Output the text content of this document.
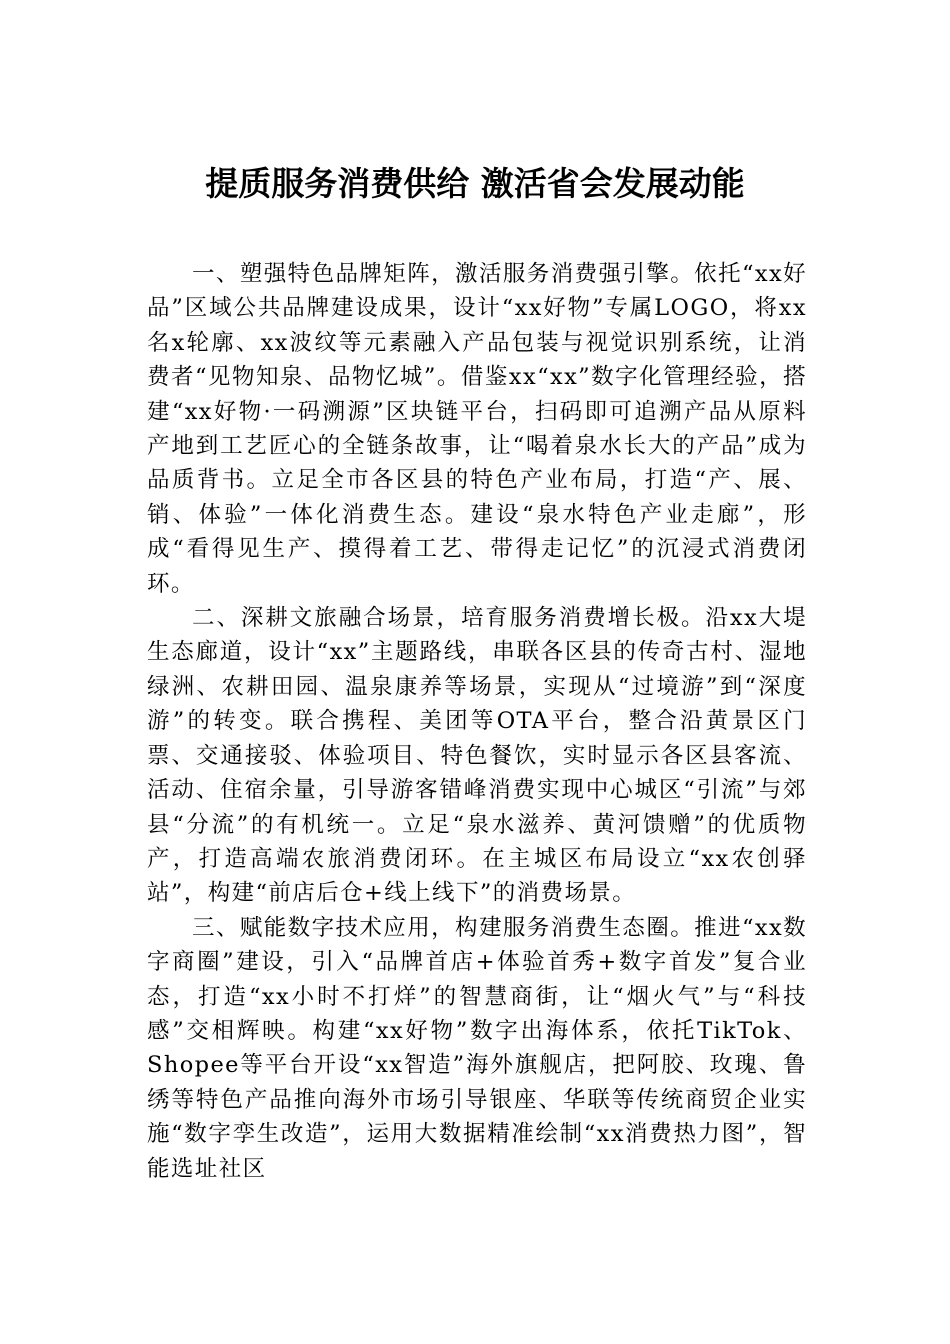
提质服务消费供给 激活省会发展动能

一、塑强特色品牌矩阵，激活服务消费强引擎。依托“xx好品”区域公共品牌建设成果，设计“xx好物”专属LOGO，将xx名x轮廓、xx波纹等元素融入产品包装与视觉识别系统，让消费者“见物知泉、品物忆城”。借鉴xx“xx”数字化管理经验，搭建“xx好物·一码溯源”区块链平台，扫码即可追溯产品从原料产地到工艺匠心的全链条故事，让“喝着泉水长大的产品”成为品质背书。立足全市各区县的特色产业布局，打造“产、展、销、体验”一体化消费生态。建设“泉水特色产业走廊”，形成“看得见生产、摸得着工艺、带得走记忆”的沉浸式消费闭环。

二、深耕文旅融合场景，培育服务消费增长极。沿xx大堤生态廊道，设计“xx”主题路线，串联各区县的传奇古村、湿地绿洲、农耕田园、温泉康养等场景，实现从“过境游”到“深度游”的转变。联合携程、美团等OTA平台，整合沿黄景区门票、交通接驳、体验项目、特色餐饮，实时显示各区县客流、活动、住宿余量，引导游客错峰消费实现中心城区“引流”与郊县“分流”的有机统一。立足“泉水滋养、黄河馈赠”的优质物产，打造高端农旅消费闭环。在主城区布局设立“xx农创驿站”，构建“前店后仓+线上线下”的消费场景。

三、赋能数字技术应用，构建服务消费生态圈。推进“xx数字商圈”建设，引入“品牌首店+体验首秀+数字首发”复合业态，打造“xx小时不打烊”的智慧商街，让“烟火气”与“科技感”交相辉映。构建“xx好物”数字出海体系，依托TikTok、Shopee等平台开设“xx智造”海外旗舰店，把阿胶、玫瑰、鲁绣等特色产品推向海外市场引导银座、华联等传统商贸企业实施“数字孪生改造”，运用大数据精准绘制“xx消费热力图”，智能选址社区
